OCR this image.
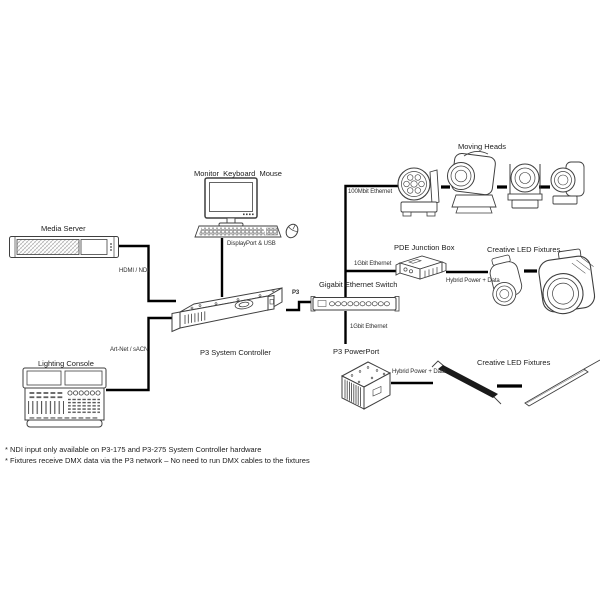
Media Server
Monitor  Keyboard  Mouse
Lighting Console
P3 System Controller
Gigabit Ethernet Switch
PDE Junction Box
Moving Heads
Creative LED Fixtures
P3 PowerPort
Creative LED Fixtures
HDMI / NDI
DisplayPort & USB
Art-Net / sACN
P3
100Mbit Ethernet
1Gbit Ethernet
1Gbit Ethernet
Hybrid Power + Data
Hybrid Power + Data
* NDI input only available on P3-175 and P3-275 System Controller hardware
* Fixtures receive DMX data via the P3 network – No need to run DMX cables to the fixtures
